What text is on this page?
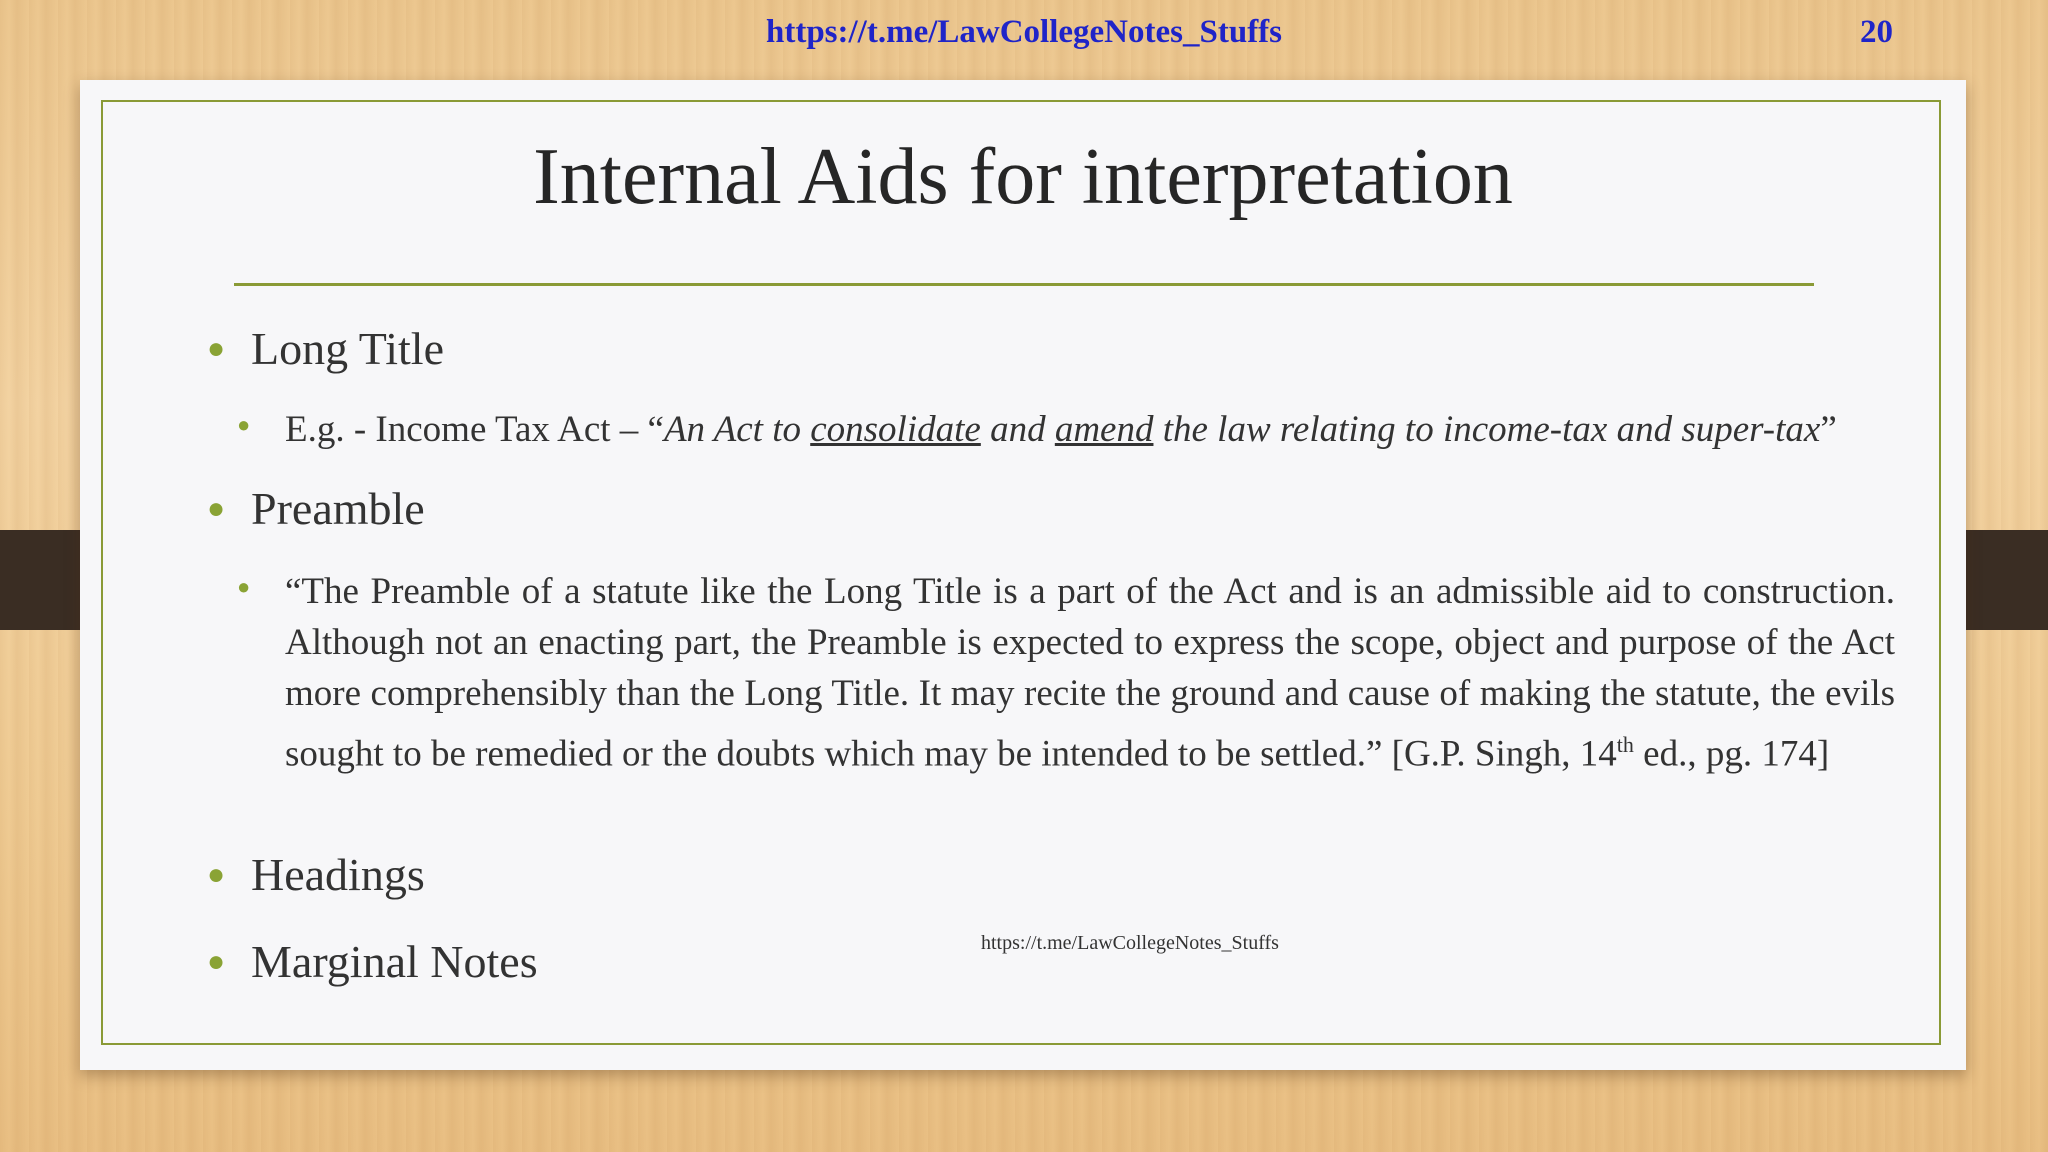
https://t.me/LawCollegeNotes_Stuffs	20
Internal Aids for interpretation
● Long Title
● E.g. - Income Tax Act – “An Act to consolidate and amend the law relating to income-tax and super-tax”
● Preamble
● “The Preamble of a statute like the Long Title is a part of the Act and is an admissible aid to construction. Although not an enacting part, the Preamble is expected to express the scope, object and purpose of the Act more comprehensibly than the Long Title. It may recite the ground and cause of making the statute, the evils sought to be remedied or the doubts which may be intended to be settled.” [G.P. Singh, 14th ed., pg. 174]
● Headings
● Marginal Notes	https://t.me/LawCollegeNotes_Stuffs
